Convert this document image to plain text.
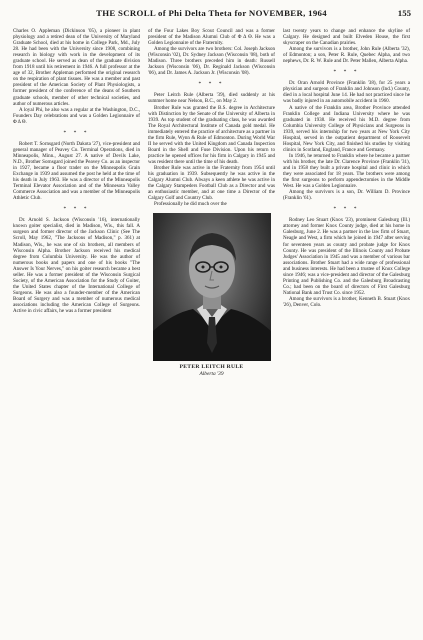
THE SCROLL of Phi Delta Theta for NOVEMBER, 1964	155

Charles O. Appleman (Dickinson '05), a pioneer in plant physiology and a retired dean of the University of Maryland Graduate School, died at his home in College Park, Md., July 28. He had been with the University since 1908, combining research in biology with work in the development of its graduate school. He served as dean of the graduate division from 1918 until his retirement in 1946. A full professor at the age of 32, Brother Appleman performed the original research on the respiration of plant tissues. He was a member and past president of the American Society of Plant Physiologists, a former president of the conference of the deans of Southern graduate schools, member of other technical societies, and author of numerous articles.

A loyal Phi, he also was a regular at the Washington, D.C., Founders Day celebrations and was a Golden Legionnaire of Φ Δ Θ.

* * *

Robert T. Sornsgard (North Dakota '27), vice-president and general manager of Peavey Co. Terminal Operations, died in Minneapolis, Minn., August 27. A native of Devils Lake, N.D., Brother Sornsgard joined the Peavey Co. as an inspector in 1927, became a floor trader on the Minneapolis Grain Exchange in 1939 and assumed the post he held at the time of his death in July 1963. He was a director of the Minneapolis Terminal Elevator Association and of the Minnesota Valley Commerce Association and was a member of the Minneapolis Athletic Club.

* * *

Dr. Arnold S. Jackson (Wisconsin '16), internationally known goiter specialist, died in Madison, Wis., this fall. A surgeon and former director of the Jackson Clinic (See The Scroll, May 1962, "The Jacksons of Madison," p. 361) at Madison, Wis., he was one of six brothers, all members of Wisconsin Alpha. Brother Jackson received his medical degree from Columbia University. He was the author of numerous books and papers and one of his books "The Answer Is Your Nerves," on his goiter research became a best seller. He was a former president of the Wisconsin Surgical Society, of the American Association for the Study of Goiter, the United States chapter of the International College of Surgeons. He was also a founder-member of the American Board of Surgery and was a member of numerous medical associations including the American College of Surgeons. Active in civic affairs, he was a former president

of the Four Lakes Boy Scout Council and was a former president of the Madison Alumni Club of Φ Δ Θ. He was a Golden Legionnaire of the Fraternity.

Among the survivors are two brothers: Col. Joseph Jackson (Wisconsin '02), Dr. Sydney Jackson (Wisconsin '08), both of Madison. Three brothers preceded him in death: Russell Jackson (Wisconsin '06), Dr. Reginald Jackson (Wisconsin '06), and Dr. James A. Jackson Jr. (Wisconsin '08).

* * *

Peter Leitch Rule (Alberta '39), died suddenly at his summer home near Nelson, B.C., on May 2.

Brother Rule was granted the B.S. degree in Architecture with Distinction by the Senate of the University of Alberta in 1939. As top student of the graduating class, he was awarded The Royal Architectural Institute of Canada gold medal. He immediately entered the practice of architecture as a partner in the firm Rule, Wynn & Rule of Edmonton. During World War II he served with the United Kingdom and Canada Inspection Board in the Shell and Fuse Division. Upon his return to practice he opened offices for his firm in Calgary in 1945 and was resident there until the time of his death.

Brother Rule was active in the Fraternity from 1954 until his graduation in 1939. Subsequently he was active in the Calgary Alumni Club. Always a keen athlete he was active in the Calgary Stampeders Football Club as a Director and was an enthusiastic member, and at one time a Director of the Calgary Golf and Country Club.

Professionally he did much over the

PETER LEITCH RULE
Alberta '39

last twenty years to change and enhance the skyline of Calgary. He designed and built Elveden House, the first skyscraper on the Canadian prairies.

Among the survivors is a brother, John Rule (Alberta '32), of Edmonton; a son, Peter R. Rule, Quebec Alpha, and two nephews, Dr. R. W. Rule and Dr. Peter Mallen, Alberta Alpha.

* * *

Dr. Oran Arnold Province (Franklin '38), for 25 years a physician and surgeon of Franklin and Johnson (Ind.) County, died in a local hospital June 14. He had not practiced since he was badly injured in an automobile accident in 1960.

A native of the Franklin area, Brother Province attended Franklin College and Indiana University where he was graduated in 1938. He received his M.D. degree from Columbia University College of Physicians and Surgeons in 1939, served his internship for two years at New York City Hospital, served in the outpatient department of Roosevelt Hospital, New York City, and finished his studies by visiting clinics in Scotland, England, France and Germany.

In 1946, he returned to Franklin where he became a partner with his brother, the late Dr. Clarence Province (Franklin '31), and in 1958 they built a private hospital and clinic in which they were associated for 18 years. The brothers were among the first surgeons to perform appendectomies in the Middle West. He was a Golden Legionnaire.

Among the survivors is a son, Dr. William D. Province (Franklin '61).

* * *

Rodney Leo Stuart (Knox '23), prominent Galesburg (Ill.) attorney and former Knox County judge, died at his home in Galesburg, June 2. He was a partner in the law firm of Stuart, Neagle and West, a firm which he joined in 1947 after serving for seventeen years as county and probate judge for Knox County. He was president of the Illinois County and Probate Judges' Association in 1945 and was a member of various bar associations. Brother Stuart had a wide range of professional and business interests. He had been a trustee of Knox College since 1946; was a vice-president and director of the Galesburg Printing and Publishing Co. and the Galesburg Broadcasting Co.; had been on the board of directors of First Galesburg National Bank and Trust Co. since 1952.

Among the survivors is a brother, Kenneth B. Stuart (Knox '26), Denver, Colo.
